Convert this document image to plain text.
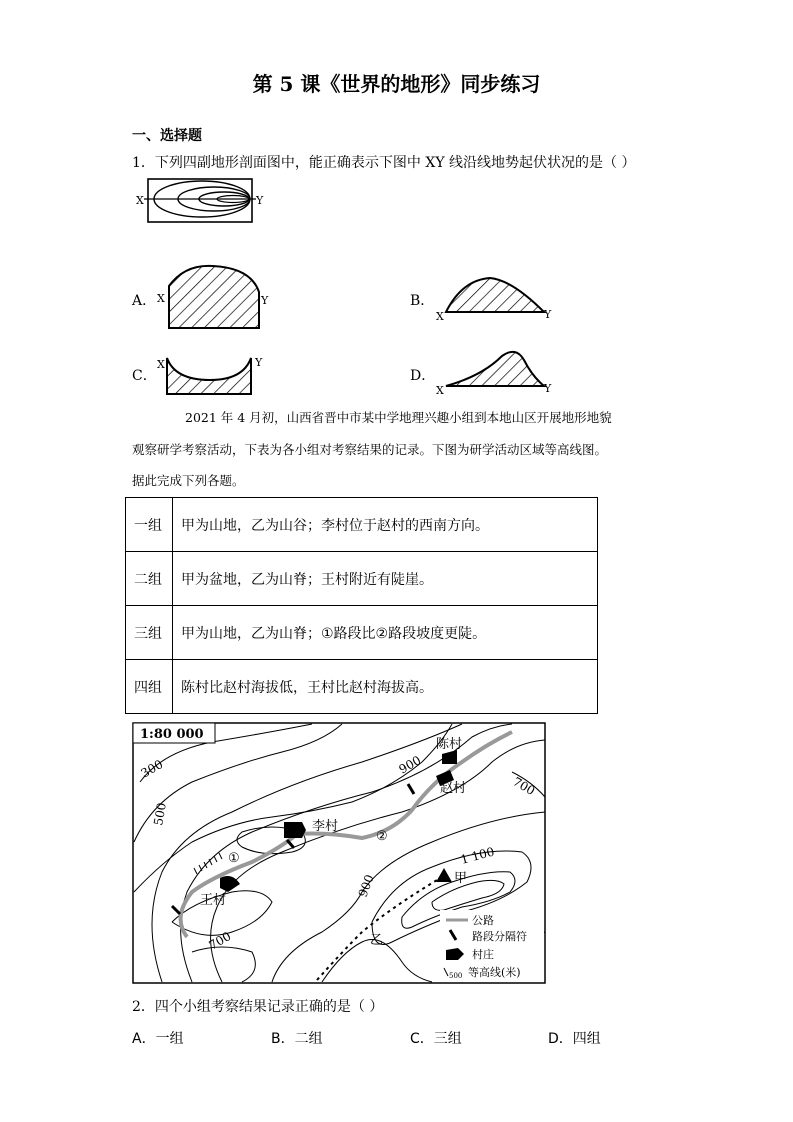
第 5 课《世界的地形》同步练习
一、选择题
1．下列四副地形剖面图中，能正确表示下图中 XY 线沿线地势起伏状况的是（ ）
X	Y
A． X	Y	B．
X	Y
C．
X	Y
D．
X	Y
2021 年 4 月初，山西省晋中市某中学地理兴趣小组到本地山区开展地形地貌
观察研学考察活动，下表为各小组对考察结果的记录。下图为研学活动区域等高线图。
据此完成下列各题。
一组	甲为山地，乙为山谷；李村位于赵村的西南方向。
二组	甲为盆地，乙为山脊；王村附近有陡崖。
三组	甲为山地，乙为山脊；①路段比②路段坡度更陡。
四组	陈村比赵村海拔低，王村比赵村海拔高。
1:80 000
陈村
赵村
李村
王村
300
500
700
700
900
900
1 100
甲
乙
①
②
公路
路段分隔符
村庄
500 等高线(米)
2．四个小组考察结果记录正确的是（ ）
A．一组	B．二组	C．三组	D．四组
